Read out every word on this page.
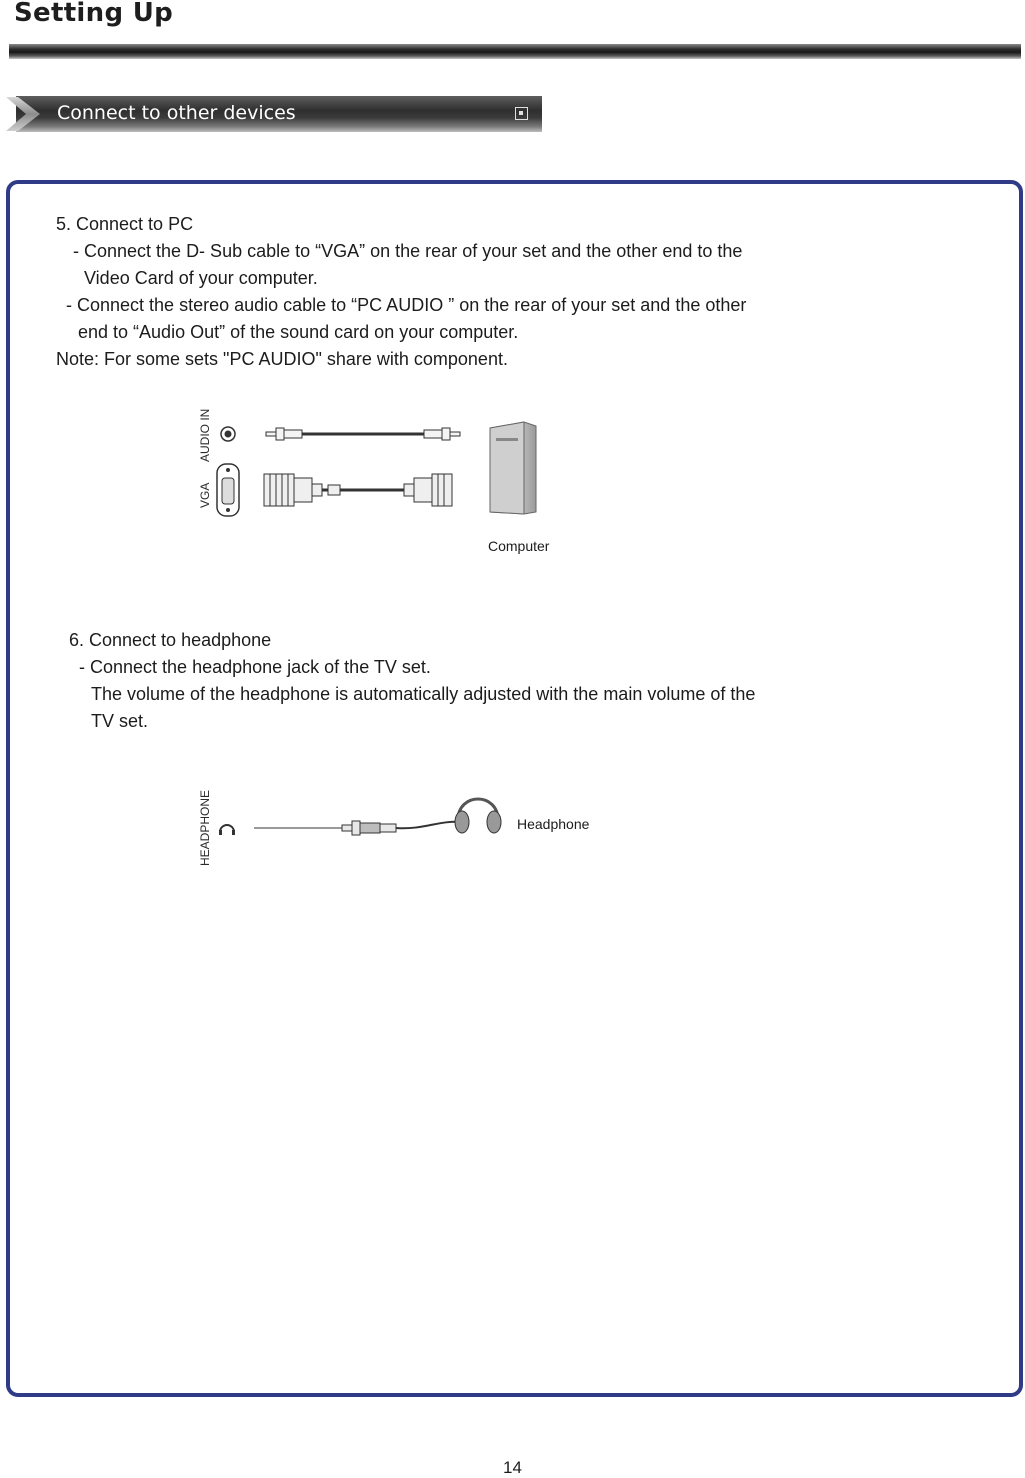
Setting Up
Connect to other devices
5. Connect to PC
- Connect the D- Sub cable to “VGA” on the rear of your set and the other end to the
Video Card of your computer.
- Connect the stereo audio cable to “PC AUDIO ” on the rear of your set and the other
end to “Audio Out” of the sound card on your computer.
Note: For some sets "PC AUDIO" share with component.
AUDIO IN
VGA
Computer
6. Connect to headphone
- Connect the headphone jack of the TV set.
The volume of the headphone is automatically adjusted with the main volume of the
TV set.
HEADPHONE	Headphone
14
